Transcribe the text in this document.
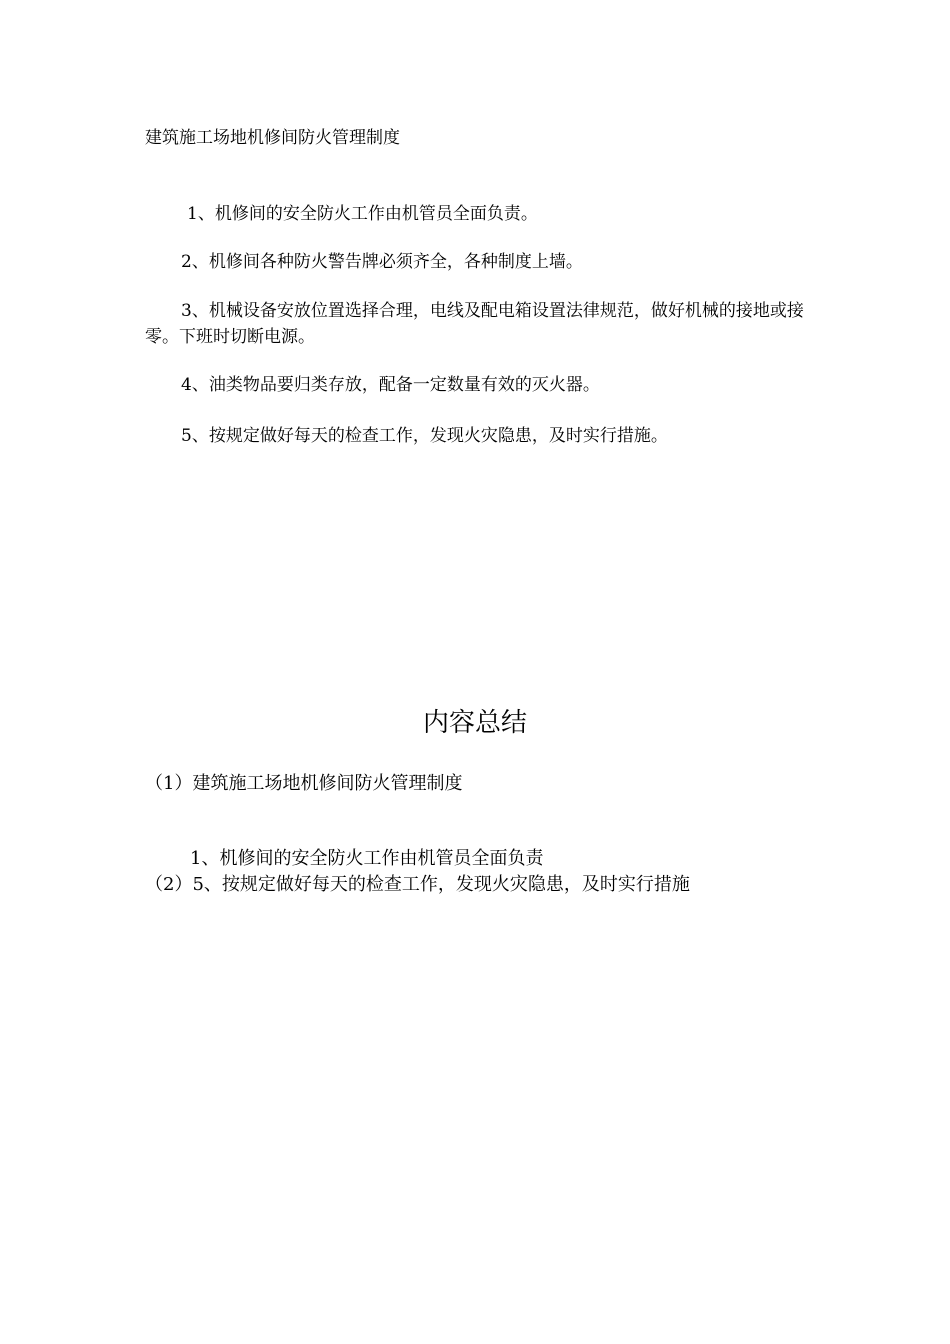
建筑施工场地机修间防火管理制度
1、机修间的安全防火工作由机管员全面负责。
2、机修间各种防火警告牌必须齐全，各种制度上墙。
3、机械设备安放位置选择合理，电线及配电箱设置法律规范，做好机械的接地或接零。下班时切断电源。
4、油类物品要归类存放，配备一定数量有效的灭火器。
5、按规定做好每天的检查工作，发现火灾隐患，及时实行措施。
内容总结
（1）建筑施工场地机修间防火管理制度
1、机修间的安全防火工作由机管员全面负责
（2）5、按规定做好每天的检查工作，发现火灾隐患，及时实行措施
